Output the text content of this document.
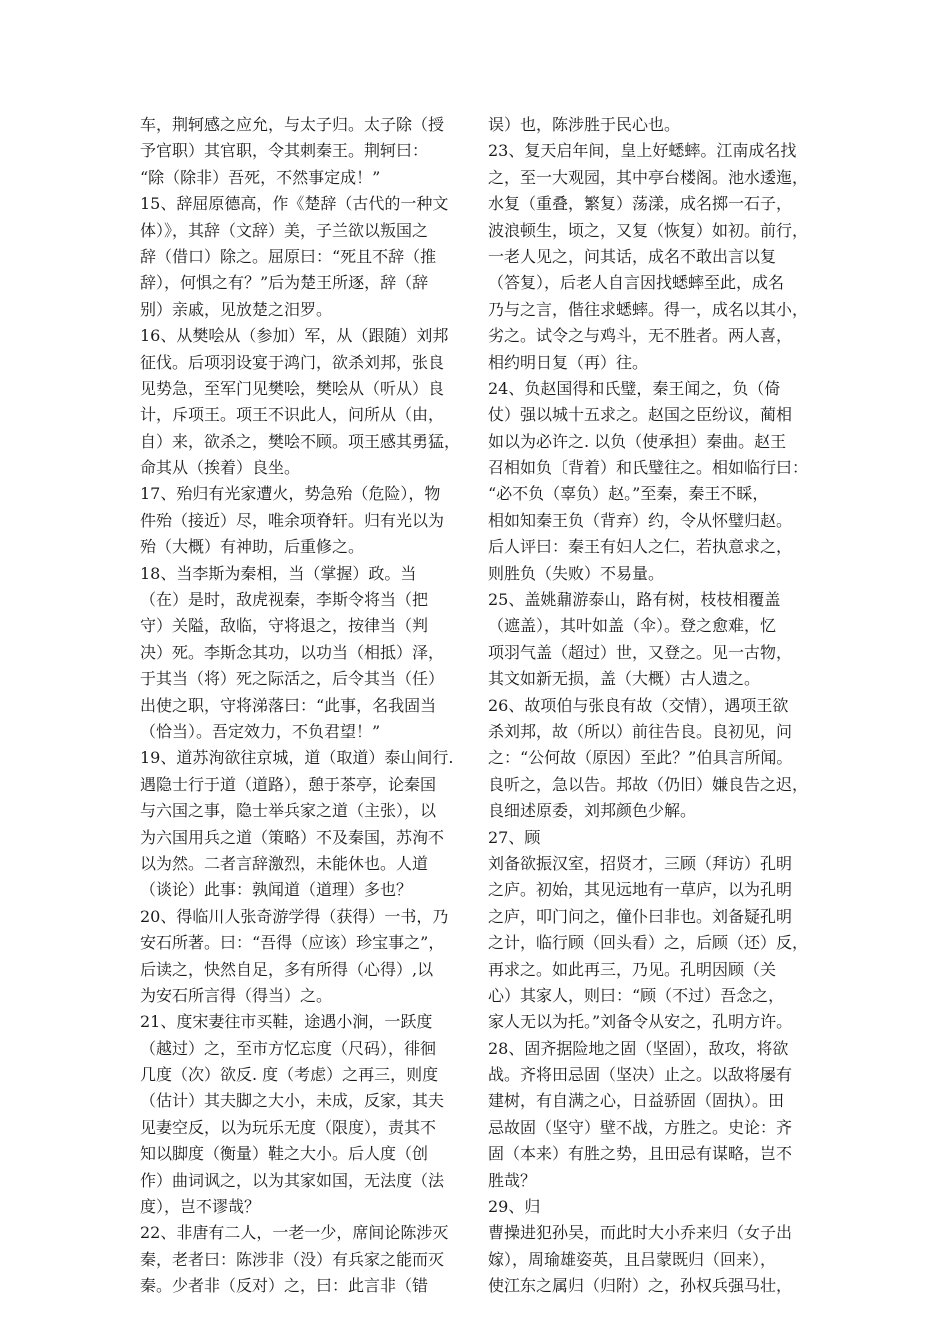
车，荆轲感之应允，与太子归。太子除（授
予官职）其官职，令其刺秦王。荆轲曰：
“除（除非）吾死，不然事定成！”
15、辞屈原德高，作《楚辞（古代的一种文
体）》，其辞（文辞）美，子兰欲以叛国之
辞（借口）除之。屈原曰：“死且不辞（推
辞），何惧之有？”后为楚王所逐，辞（辞
别）亲戚，见放楚之汨罗。
16、从樊哙从（参加）军，从（跟随）刘邦
征伐。后项羽设宴于鸿门，欲杀刘邦，张良
见势急，至军门见樊哙，樊哙从（听从）良
计，斥项王。项王不识此人，问所从（由，
自）来，欲杀之，樊哙不顾。项王感其勇猛，
命其从（挨着）良坐。
17、殆归有光家遭火，势急殆（危险），物
件殆（接近）尽，唯余项脊轩。归有光以为
殆（大概）有神助，后重修之。
18、当李斯为秦相，当（掌握）政。当
（在）是时，敌虎视秦，李斯令将当（把
守）关隘，敌临，守将退之，按律当（判
决）死。李斯念其功，以功当（相抵）泽，
于其当（将）死之际活之，后令其当（任）
出使之职，守将涕落曰：“此事，名我固当
（恰当）。吾定效力，不负君望！”
19、道苏洵欲往京城，道（取道）泰山间行.
遇隐士行于道（道路），憩于茶亭，论秦国
与六国之事，隐士举兵家之道（主张），以
为六国用兵之道（策略）不及秦国，苏洵不
以为然。二者言辞激烈，未能休也。人道
（谈论）此事：孰闻道（道理）多也？
20、得临川人张奇游学得（获得）一书，乃
安石所著。曰：“吾得（应该）珍宝事之”，
后读之，快然自足，多有所得（心得）,以
为安石所言得（得当）之。
21、度宋妻往市买鞋，途遇小涧，一跃度
（越过）之，至市方忆忘度（尺码），徘徊
几度（次）欲反. 度（考虑）之再三，则度
（估计）其夫脚之大小，未成，反家，其夫
见妻空反，以为玩乐无度（限度），责其不
知以脚度（衡量）鞋之大小。后人度（创
作）曲词讽之，以为其家如国，无法度（法
度），岂不谬哉？
22、非唐有二人，一老一少，席间论陈涉灭
秦，老者曰：陈涉非（没）有兵家之能而灭
秦。少者非（反对）之，曰：此言非（错
误）也，陈涉胜于民心也。
23、复天启年间，皇上好蟋蟀。江南成名找
之，至一大观园，其中亭台楼阁。池水逶迤，
水复（重叠，繁复）荡漾，成名掷一石子，
波浪顿生，顷之，又复（恢复）如初。前行，
一老人见之，问其话，成名不敢出言以复
（答复），后老人自言因找蟋蟀至此，成名
乃与之言，偕往求蟋蟀。得一，成名以其小，
劣之。试令之与鸡斗，无不胜者。两人喜，
相约明日复（再）往。
24、负赵国得和氏璧，秦王闻之，负（倚
仗）强以城十五求之。赵国之臣纷议，蔺相
如以为必许之. 以负（使承担）秦曲。赵王
召相如负〔背着）和氏璧往之。相如临行曰：
“必不负（辜负）赵。”至秦，秦王不睬，
相如知秦王负（背弃）约，令从怀璧归赵。
后人评曰：秦王有妇人之仁，若执意求之，
则胜负（失败）不易量。
25、盖姚鼐游泰山，路有树，枝枝相覆盖
（遮盖），其叶如盖（伞）。登之愈难，忆
项羽气盖（超过）世，又登之。见一古物，
其文如新无损，盖（大概）古人遗之。
26、故项伯与张良有故（交情），遇项王欲
杀刘邦，故（所以）前往告良。良初见，问
之：“公何故（原因）至此？”伯具言所闻。
良听之，急以告。邦故（仍旧）嫌良告之迟，
良细述原委，刘邦颜色少解。
27、顾
刘备欲振汉室，招贤才，三顾（拜访）孔明
之庐。初始，其见远地有一草庐，以为孔明
之庐，叩门问之，僮仆曰非也。刘备疑孔明
之计，临行顾（回头看）之，后顾（还）反，
再求之。如此再三，乃见。孔明因顾（关
心）其家人，则曰：“顾（不过）吾念之，
家人无以为托。”刘备令从安之，孔明方许。
28、固齐据险地之固（坚固），敌攻，将欲
战。齐将田忌固（坚决）止之。以敌将屡有
建树，有自满之心，日益骄固（固执）。田
忌故固（坚守）壁不战，方胜之。史论：齐
固（本来）有胜之势，且田忌有谋略，岂不
胜哉？
29、归
曹操进犯孙吴，而此时大小乔来归（女子出
嫁），周瑜雄姿英，且吕蒙既归（回来），
使江东之属归（归附）之，孙权兵强马壮，
